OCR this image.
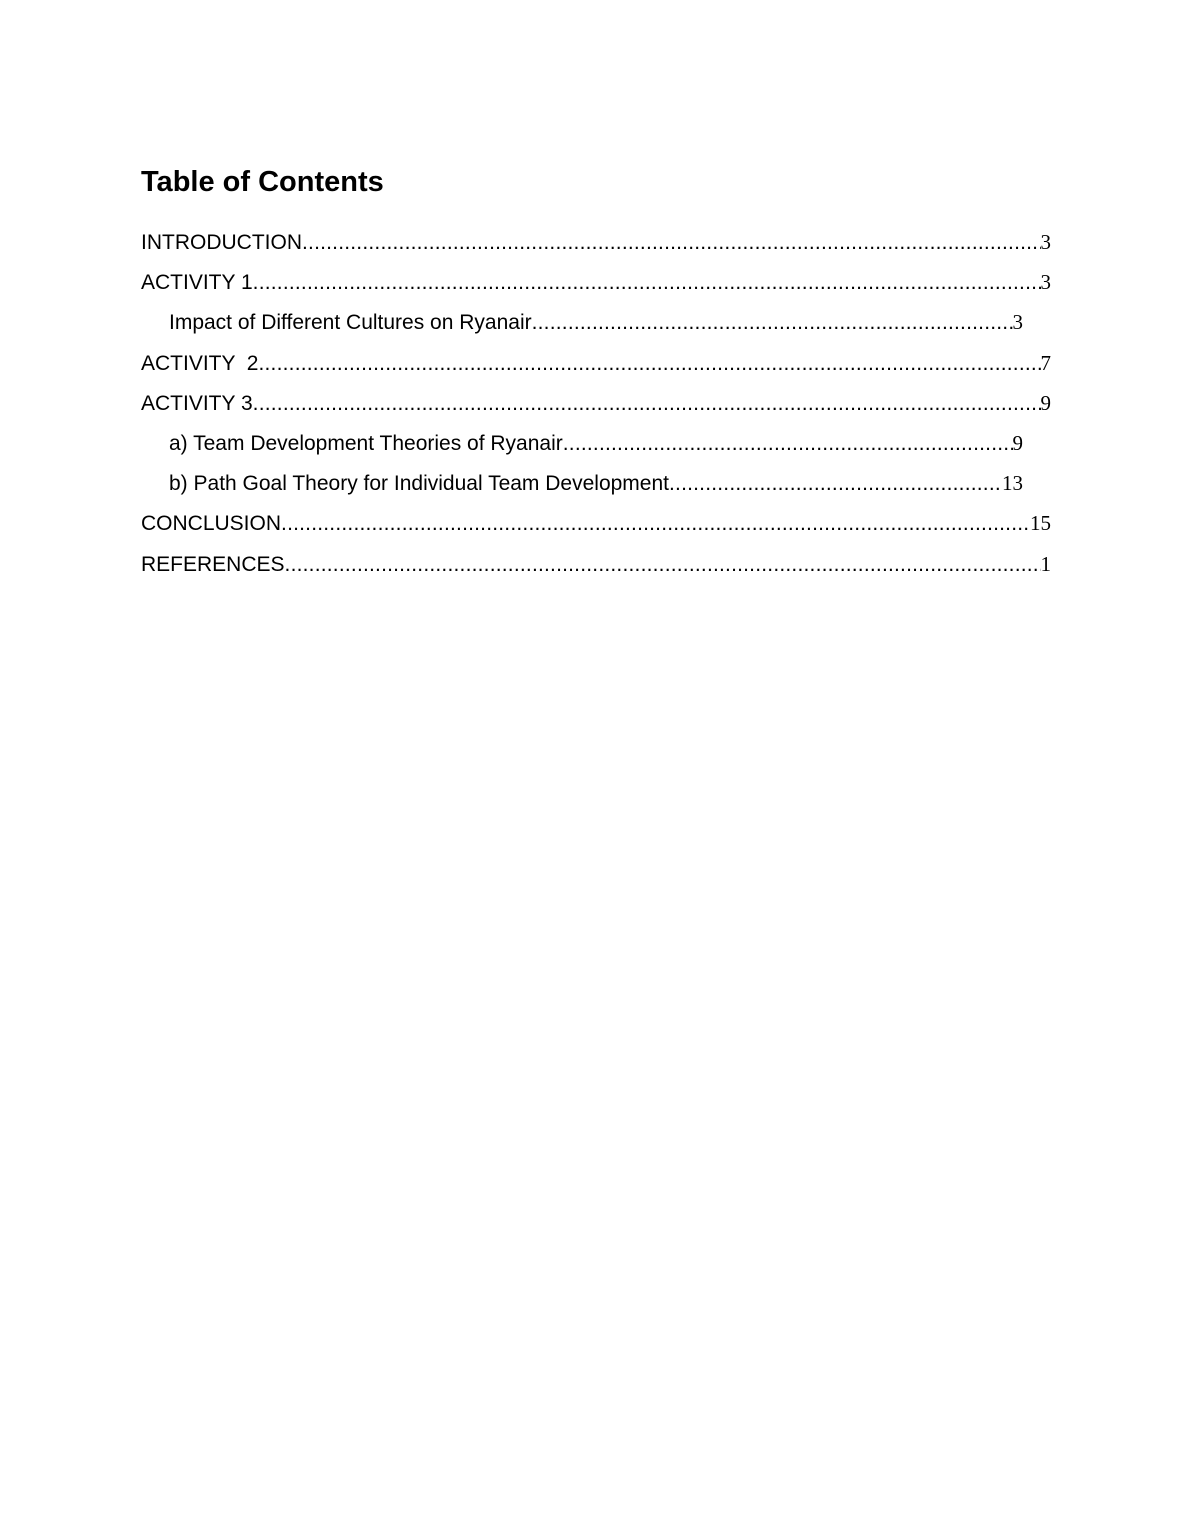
Table of Contents
INTRODUCTION .....	3
ACTIVITY 1 .....	3
Impact of Different Cultures on Ryanair .....	3
ACTIVITY  2 .....	7
ACTIVITY 3 .....	9
a) Team Development Theories of Ryanair .....	9
b) Path Goal Theory for Individual Team Development .....	13
CONCLUSION .....	15
REFERENCES .....	1
